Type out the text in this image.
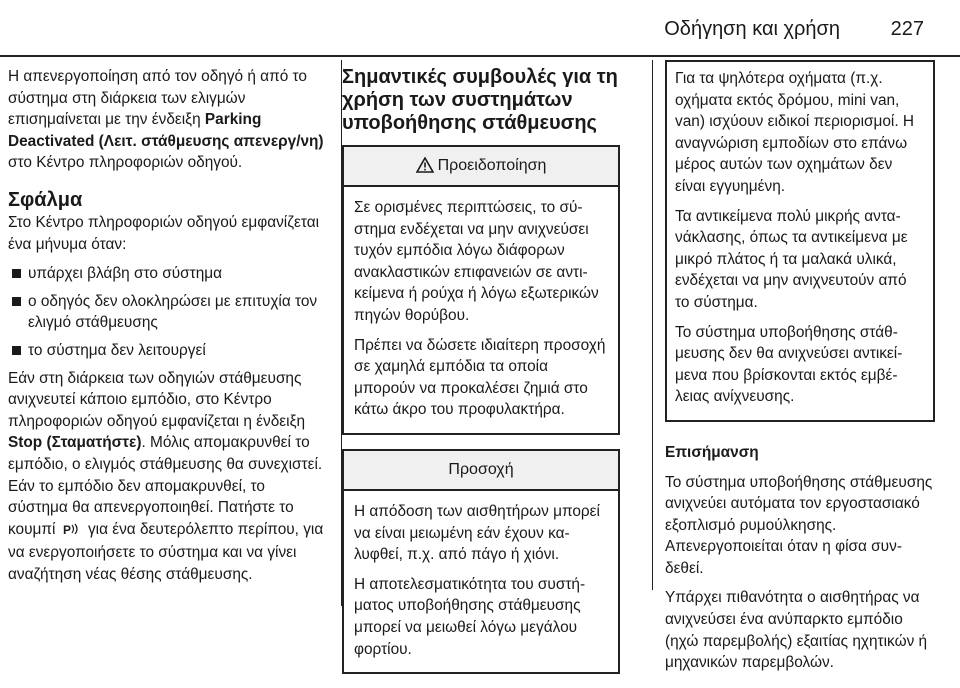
Οδήγηση και χρήση	227

Η απενεργοποίηση από τον οδηγό ή από το σύστημα στη διάρκεια των ελιγμών επισημαίνεται με την ένδειξη Parking Deactivated (Λειτ. στάθμευσης απενεργ/νη) στο Κέντρο πληροφοριών οδηγού.

Σφάλμα

Στο Κέντρο πληροφοριών οδηγού εμφανίζεται ένα μήνυμα όταν:

υπάρχει βλάβη στο σύστημα
ο οδηγός δεν ολοκληρώσει με επιτυχία τον ελιγμό στάθμευσης
το σύστημα δεν λειτουργεί

Εάν στη διάρκεια των οδηγιών στάθμευσης ανιχνευτεί κάποιο εμπόδιο, στο Κέντρο πληροφοριών οδηγού εμφανίζεται η ένδειξη Stop (Σταματήστε). Μόλις απομακρυνθεί το εμπόδιο, ο ελιγμός στάθμευσης θα συνεχιστεί. Εάν το εμπόδιο δεν απομακρυνθεί, το σύστημα θα απενεργοποιηθεί. Πατήστε το κουμπί P για ένα δευτερόλεπτο περίπου, για να ενεργοποιήσετε το σύστημα και να γίνει αναζήτηση νέας θέσης στάθμευσης.

Σημαντικές συμβουλές για τη χρήση των συστημάτων υποβοήθησης στάθμευσης
Προειδοποίηση

Σε ορισμένες περιπτώσεις, το σύστημα ενδέχεται να μην ανιχνεύσει τυχόν εμπόδια λόγω διάφορων ανακλαστικών επιφανειών σε αντικείμενα ή ρούχα ή λόγω εξωτερικών πηγών θορύβου.

Πρέπει να δώσετε ιδιαίτερη προσοχή σε χαμηλά εμπόδια τα οποία μπορούν να προκαλέσει ζημιά στο κάτω άκρο του προφυλακτήρα.

Προσοχή

Η απόδοση των αισθητήρων μπορεί να είναι μειωμένη εάν έχουν καλυφθεί, π.χ. από πάγο ή χιόνι.

Η αποτελεσματικότητα του συστήματος υποβοήθησης στάθμευσης μπορεί να μειωθεί λόγω μεγάλου φορτίου.

Για τα ψηλότερα οχήματα (π.χ. οχήματα εκτός δρόμου, mini van, van) ισχύουν ειδικοί περιορισμοί. Η αναγνώριση εμποδίων στο επάνω μέρος αυτών των οχημάτων δεν είναι εγγυημένη.

Τα αντικείμενα πολύ μικρής αντανάκλασης, όπως τα αντικείμενα με μικρό πλάτος ή τα μαλακά υλικά, ενδέχεται να μην ανιχνευτούν από το σύστημα.

Το σύστημα υποβοήθησης στάθμευσης δεν θα ανιχνεύσει αντικείμενα που βρίσκονται εκτός εμβέλειας ανίχνευσης.

Επισήμανση

Το σύστημα υποβοήθησης στάθμευσης ανιχνεύει αυτόματα τον εργοστασιακό εξοπλισμό ρυμούλκησης. Απενεργοποιείται όταν η φίσα συνδεθεί.

Υπάρχει πιθανότητα ο αισθητήρας να ανιχνεύσει ένα ανύπαρκτο εμπόδιο (ηχώ παρεμβολής) εξαιτίας ηχητικών ή μηχανικών παρεμβολών.
